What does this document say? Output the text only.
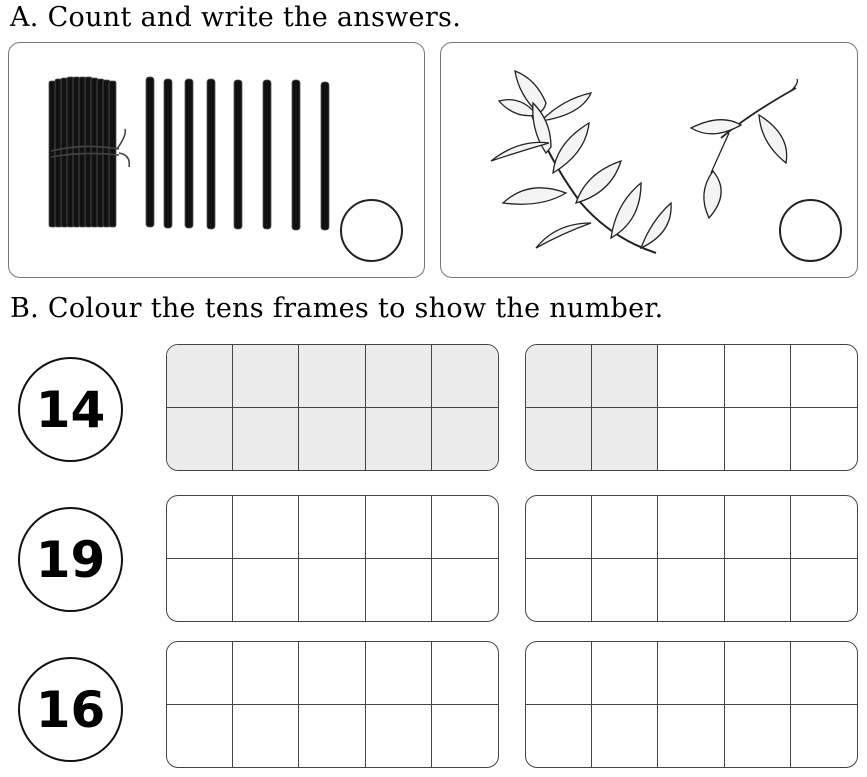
A. Count and write the answers.
B. Colour the tens frames to show the number.
14
19
16
